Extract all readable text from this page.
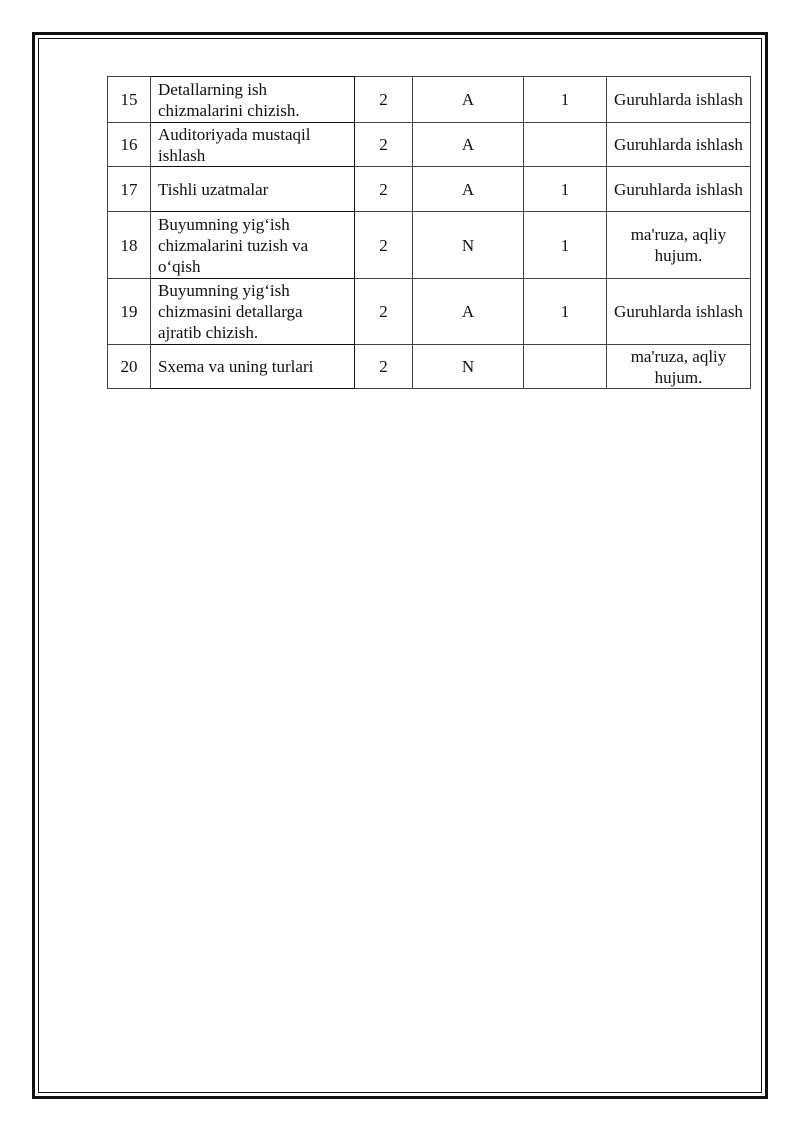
15	Detallarning ish chizmalarini chizish.	2	A	1	Guruhlarda ishlash
16	Auditoriyada mustaqil ishlash	2	A		Guruhlarda ishlash
17	Tishli uzatmalar	2	A	1	Guruhlarda ishlash
18	Buyumning yig‘ish chizmalarini tuzish va o‘qish	2	N	1	ma'ruza, aqliy hujum.
19	Buyumning yig‘ish chizmasini detallarga ajratib chizish.	2	A	1	Guruhlarda ishlash
20	Sxema va uning turlari	2	N		ma'ruza, aqliy hujum.
